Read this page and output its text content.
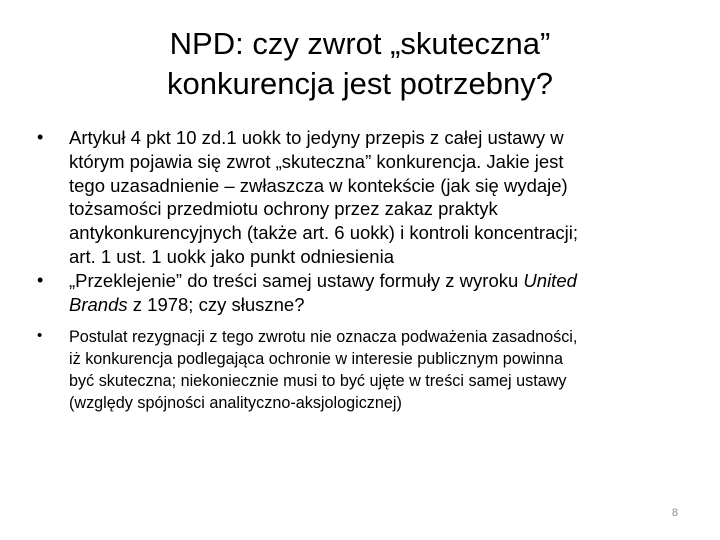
NPD: czy zwrot „skuteczna”
konkurencja jest potrzebny?
• Artykuł 4 pkt 10 zd.1 uokk to jedyny przepis z całej ustawy w
którym pojawia się zwrot „skuteczna” konkurencja. Jakie jest
tego uzasadnienie – zwłaszcza w kontekście (jak się wydaje)
tożsamości przedmiotu ochrony przez zakaz praktyk
antykonkurencyjnych (także art. 6 uokk) i kontroli koncentracji;
art. 1 ust. 1 uokk jako punkt odniesienia
• „Przeklejenie” do treści samej ustawy formuły z wyroku United
Brands z 1978; czy słuszne?
• Postulat rezygnacji z tego zwrotu nie oznacza podważenia zasadności,
iż konkurencja podlegająca ochronie w interesie publicznym powinna
być skuteczna; niekoniecznie musi to być ujęte w treści samej ustawy
(względy spójności analityczno-aksjologicznej)
8
